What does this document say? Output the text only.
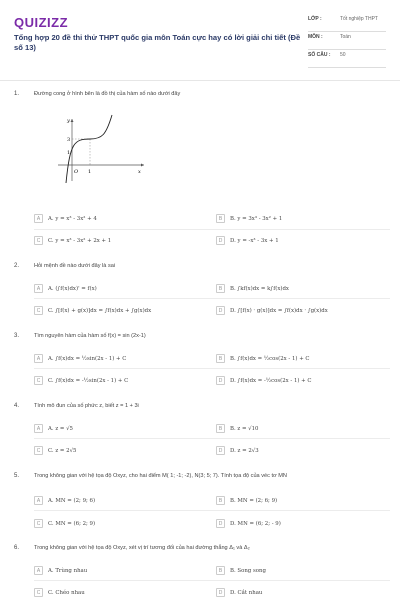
QUIZIZZ
Tổng hợp 20 đề thi thử THPT quốc gia môn Toán cực hay có lời giải chi tiết (Đề số 13)
LỚP :	Tốt nghiệp THPT
MÔN :	Toán
SỐ CÂU :	50
1.	Đường cong ở hình bên là đồ thị của hàm số nào dưới đây
y
3
1
O 1	x
A	A. y = x³ - 3x² + 4	B	B. y = 3x³ - 3x² + 1
C	C. y = x³ - 3x² + 2x + 1	D	D. y = -x³ - 3x + 1
2.	Hỏi mệnh đề nào dưới đây là sai
A	A. (∫f(x)dx)' = f(x)	B	B. ∫kf(x)dx = k∫f(x)dx
C	C. ∫[f(x) + g(x)]dx = ∫f(x)dx + ∫g(x)dx	D	D. ∫[f(x) · g(x)]dx = ∫f(x)dx · ∫g(x)dx
3.	Tìm nguyên hàm của hàm số f(x) = sin (2x-1)
A	A. ∫f(x)dx = ½sin(2x - 1) + C	B	B. ∫f(x)dx = ½cos(2x - 1) + C
C	C. ∫f(x)dx = -½sin(2x - 1) + C	D	D. ∫f(x)dx = -½cos(2x - 1) + C
4.	Tính mô đun của số phức z, biết z = 1 + 3i
A	A. z = √5	B	B. z = √10
C	C. z = 2√5	D	D. z = 2√3
5.	Trong không gian với hệ tọa độ Oxyz, cho hai điểm M( 1; -1; -2), N(3; 5; 7). Tính tọa độ của véc tơ MN
A	A. MN = (2; 9; 6)	B	B. MN = (2; 6; 9)
C	C. MN = (6; 2; 9)	D	D. MN = (6; 2; - 9)
6.	Trong không gian với hệ tọa độ Oxyz, xét vị trí tương đối của hai đường thẳng Δ₁ và Δ₂
A	A. Trùng nhau	B	B. Song song
C	C. Chéo nhau	D	D. Cắt nhau
